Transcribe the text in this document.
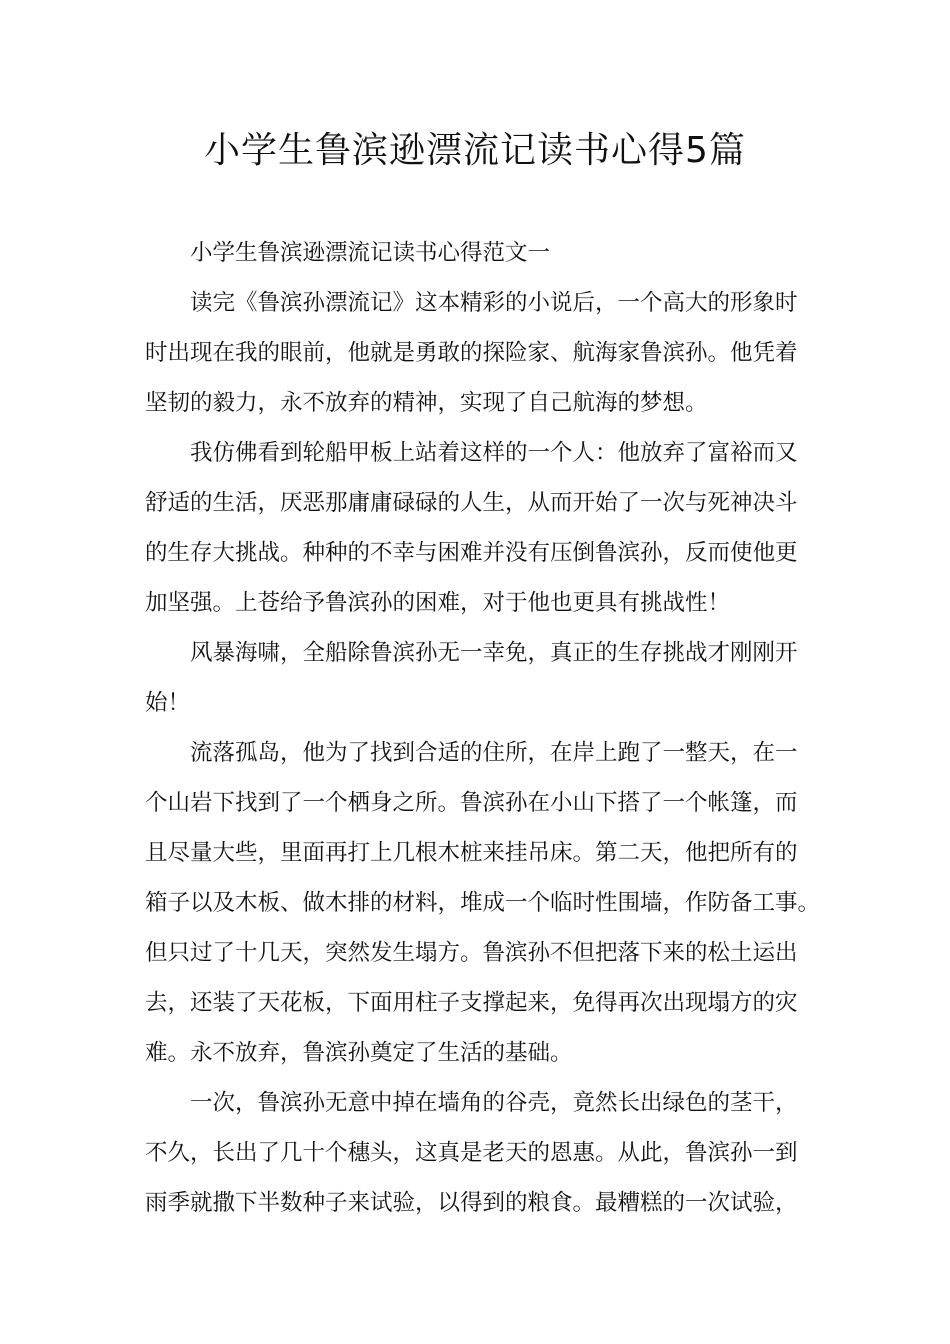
小学生鲁滨逊漂流记读书心得5篇

小学生鲁滨逊漂流记读书心得范文一

读完《鲁滨孙漂流记》这本精彩的小说后，一个高大的形象时

时出现在我的眼前，他就是勇敢的探险家、航海家鲁滨孙。他凭着

坚韧的毅力，永不放弃的精神，实现了自己航海的梦想。

我仿佛看到轮船甲板上站着这样的一个人：他放弃了富裕而又

舒适的生活，厌恶那庸庸碌碌的人生，从而开始了一次与死神决斗

的生存大挑战。种种的不幸与困难并没有压倒鲁滨孙，反而使他更

加坚强。上苍给予鲁滨孙的困难，对于他也更具有挑战性！

风暴海啸，全船除鲁滨孙无一幸免，真正的生存挑战才刚刚开

始！

流落孤岛，他为了找到合适的住所，在岸上跑了一整天，在一

个山岩下找到了一个栖身之所。鲁滨孙在小山下搭了一个帐篷，而

且尽量大些，里面再打上几根木桩来挂吊床。第二天，他把所有的

箱子以及木板、做木排的材料，堆成一个临时性围墙，作防备工事。

但只过了十几天，突然发生塌方。鲁滨孙不但把落下来的松土运出

去，还装了天花板，下面用柱子支撑起来，免得再次出现塌方的灾

难。永不放弃，鲁滨孙奠定了生活的基础。

一次，鲁滨孙无意中掉在墙角的谷壳，竟然长出绿色的茎干，

不久，长出了几十个穗头，这真是老天的恩惠。从此，鲁滨孙一到

雨季就撒下半数种子来试验，以得到的粮食。最糟糕的一次试验，
